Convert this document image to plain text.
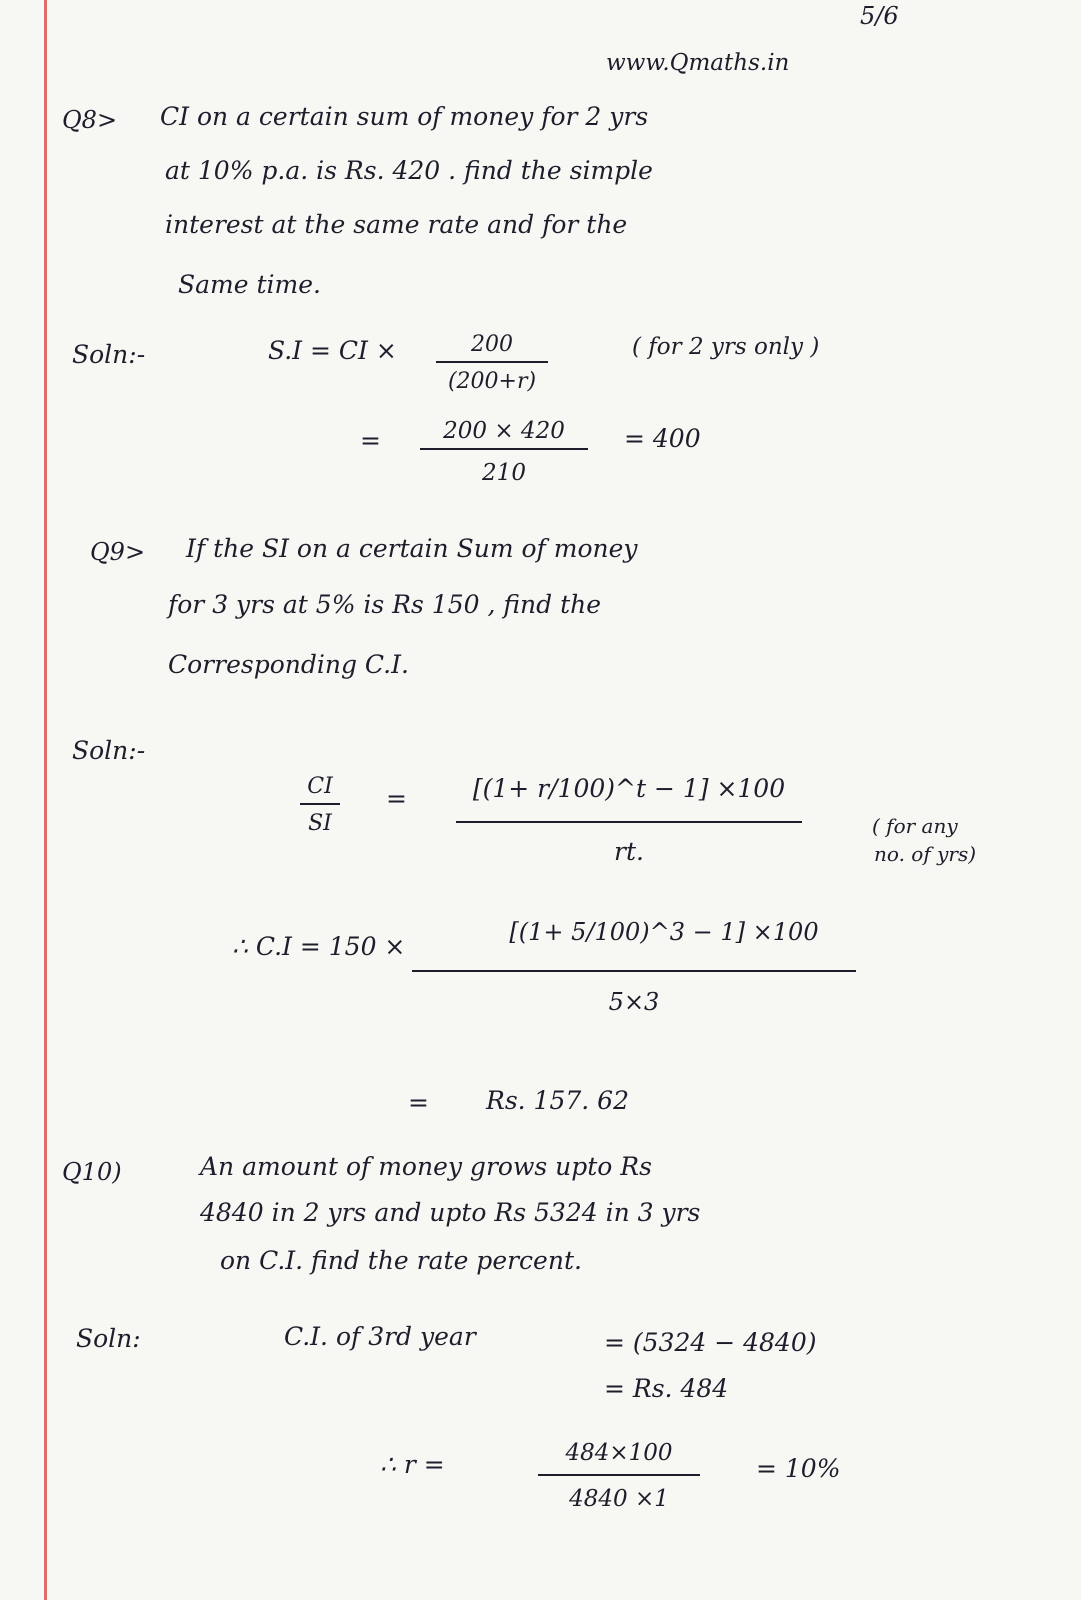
5/6
www.Qmaths.in
Q8> CI on a certain sum of money for 2 yrs
at 10% p.a. is Rs. 420 . find the simple
interest at the same rate and for the
Same time.
Soln:-	S.I = CI ×	200
(200+r)
( for 2 yrs only )
=	200 × 420
210
= 400
Q9> If the SI on a certain Sum of money
for 3 yrs at 5% is Rs 150 , find the
Corresponding C.I.
Soln:-
CI
SI
=	[(1+ r/100)^t − 1] ×100
rt.
( for any
no. of yrs)
∴ C.I = 150 ×	[(1+ 5/100)^3 − 1] ×100
5×3
= Rs. 157. 62
Q10)	An amount of money grows upto Rs
4840 in 2 yrs and upto Rs 5324 in 3 yrs
on C.I. find the rate percent.
Soln:	C.I. of 3rd year	= (5324 − 4840)
= Rs. 484
∴ r =	484×100
4840 ×1
= 10%
